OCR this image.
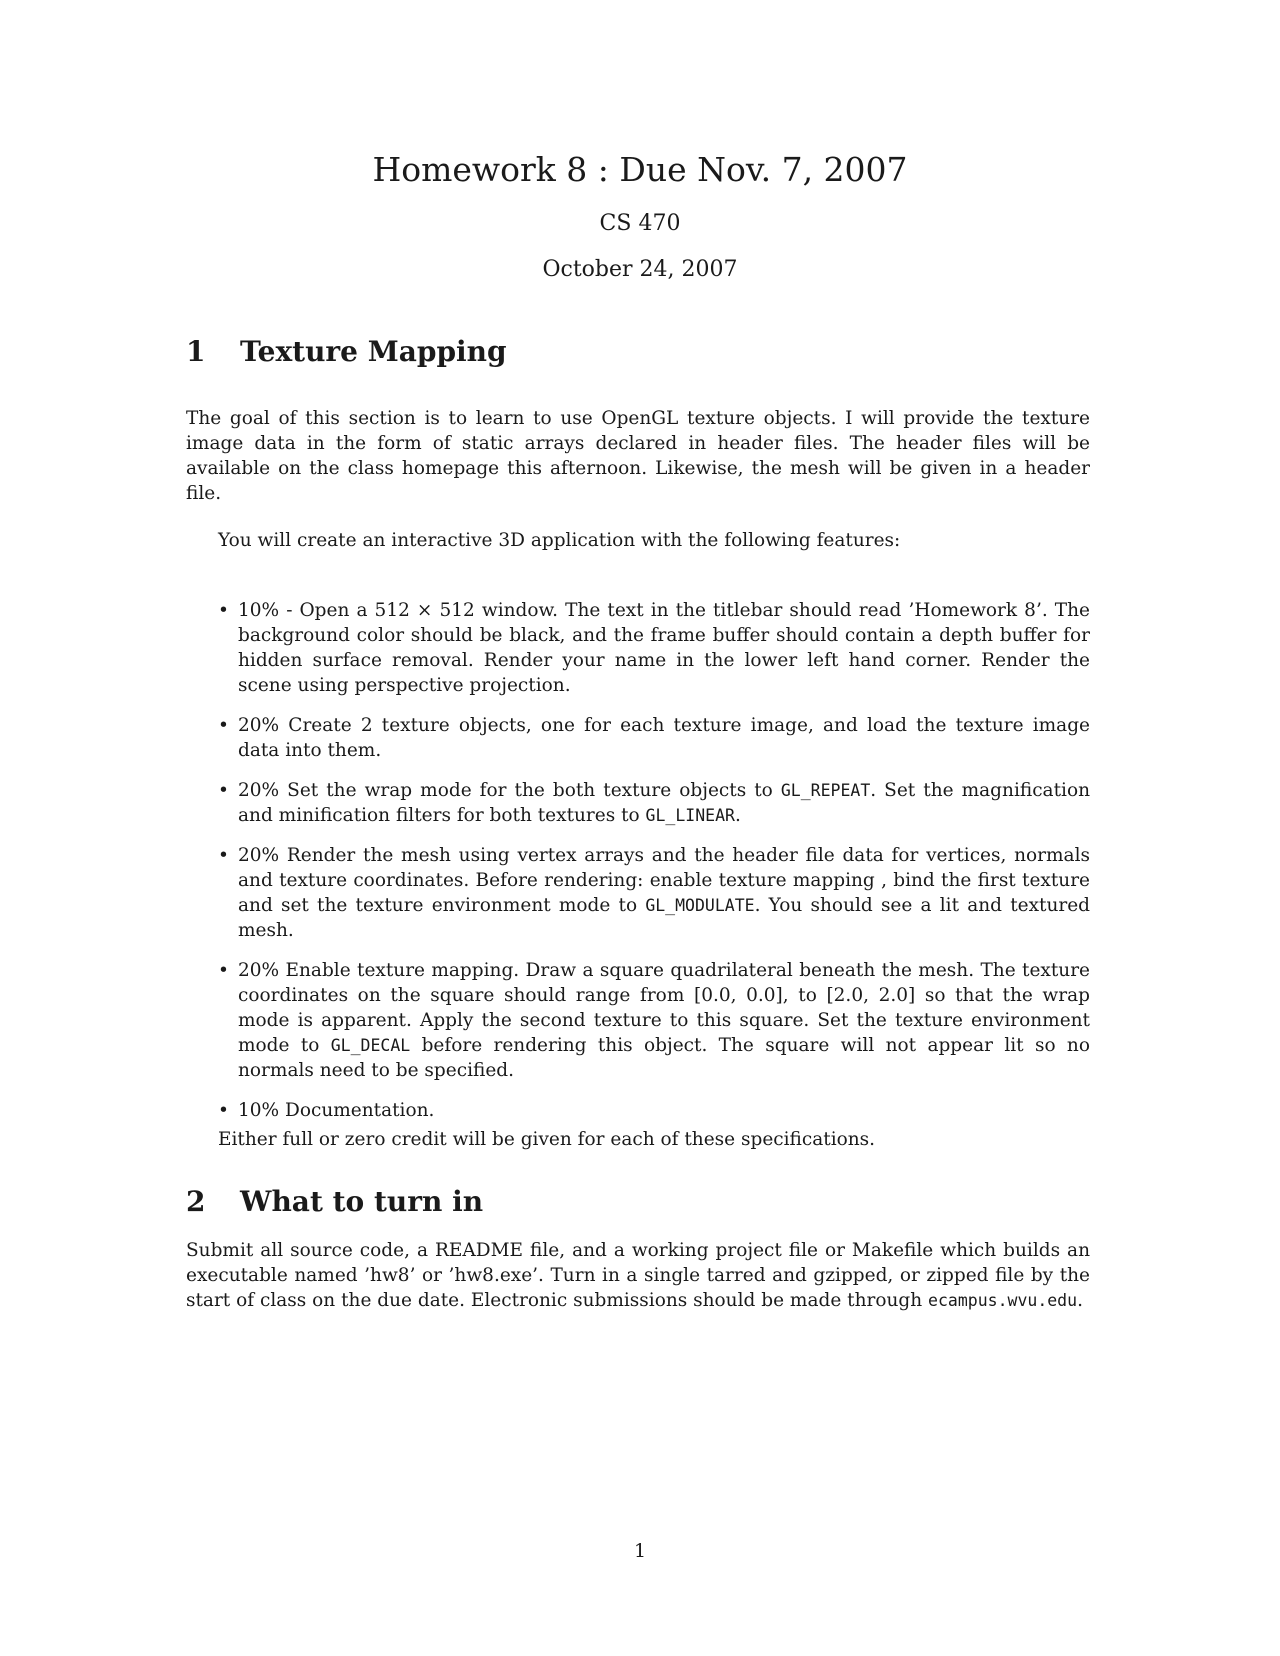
Homework 8 : Due Nov. 7, 2007
CS 470
October 24, 2007
1 Texture Mapping

The goal of this section is to learn to use OpenGL texture objects. I will provide the texture image data in the form of static arrays declared in header files. The header files will be available on the class homepage this afternoon. Likewise, the mesh will be given in a header file.

You will create an interactive 3D application with the following features:

• 10% - Open a 512 × 512 window. The text in the titlebar should read ’Homework 8’. The background color should be black, and the frame buffer should contain a depth buffer for hidden surface removal. Render your name in the lower left hand corner. Render the scene using perspective projection.
• 20% Create 2 texture objects, one for each texture image, and load the texture image data into them.
• 20% Set the wrap mode for the both texture objects to GL_REPEAT. Set the magnification and minification filters for both textures to GL_LINEAR.
• 20% Render the mesh using vertex arrays and the header file data for vertices, normals and texture coordinates. Before rendering: enable texture mapping , bind the first texture and set the texture environment mode to GL_MODULATE. You should see a lit and textured mesh.
• 20% Enable texture mapping. Draw a square quadrilateral beneath the mesh. The texture coordinates on the square should range from [0.0, 0.0], to [2.0, 2.0] so that the wrap mode is apparent. Apply the second texture to this square. Set the texture environment mode to GL_DECAL before rendering this object. The square will not appear lit so no normals need to be specified.
• 10% Documentation.

Either full or zero credit will be given for each of these specifications.

2 What to turn in

Submit all source code, a README file, and a working project file or Makefile which builds an executable named ’hw8’ or ’hw8.exe’. Turn in a single tarred and gzipped, or zipped file by the start of class on the due date. Electronic submissions should be made through ecampus.wvu.edu.

1
